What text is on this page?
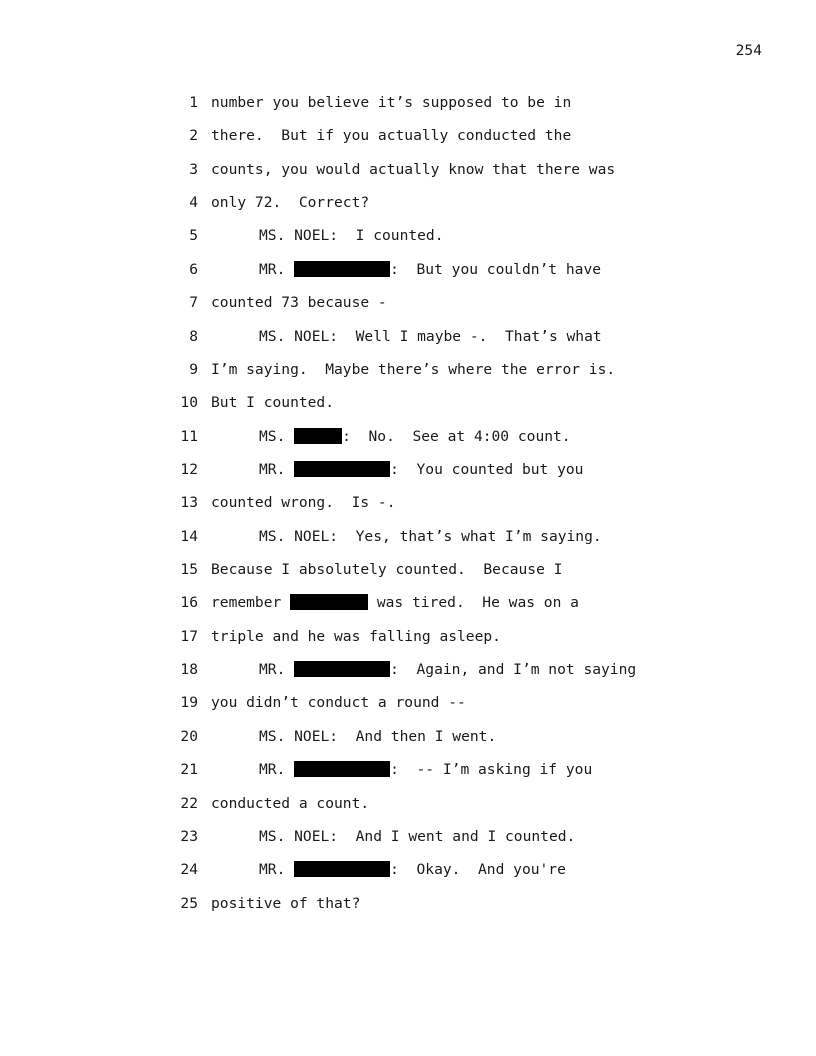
254
1 number you believe it’s supposed to be in
2 there.  But if you actually conducted the
3 counts, you would actually know that there was
4 only 72.  Correct?
5	MS. NOEL:  I counted.
6	MR.	:  But you couldn’t have
7 counted 73 because -
8	MS. NOEL:  Well I maybe -.  That’s what
9 I’m saying.  Maybe there’s where the error is.
10 But I counted.
11	MS.	:  No.  See at 4:00 count.
12	MR.	:  You counted but you
13 counted wrong.  Is -.
14	MS. NOEL:  Yes, that’s what I’m saying.
15 Because I absolutely counted.  Because I
16 remember	was tired.  He was on a
17 triple and he was falling asleep.
18	MR.	:  Again, and I’m not saying
19 you didn’t conduct a round --
20	MS. NOEL:  And then I went.
21	MR.	:  -- I’m asking if you
22 conducted a count.
23	MS. NOEL:  And I went and I counted.
24	MR.	:  Okay.  And you're
25 positive of that?
